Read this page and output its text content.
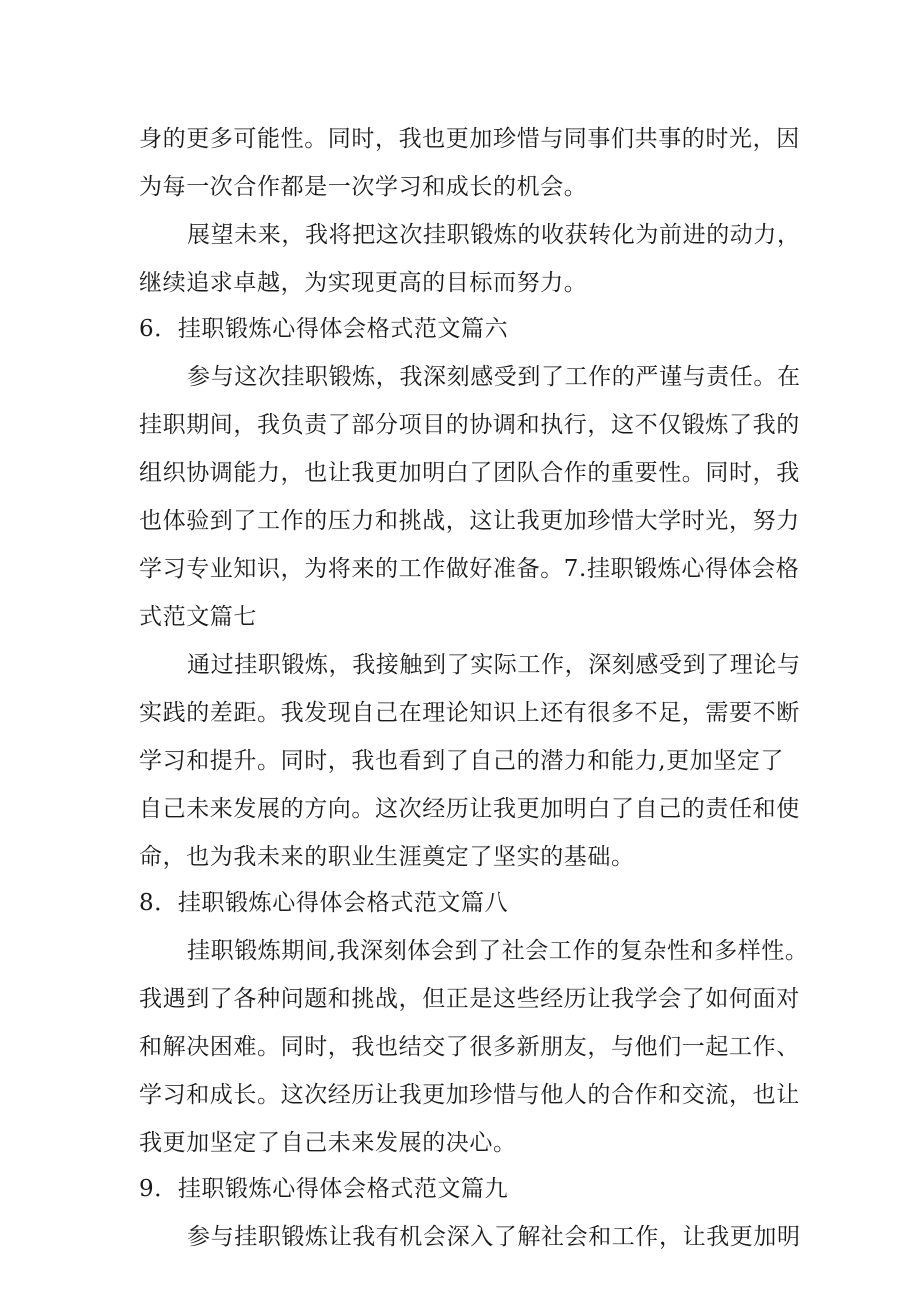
身的更多可能性。同时，我也更加珍惜与同事们共事的时光，因
为每一次合作都是一次学习和成长的机会。
展望未来，我将把这次挂职锻炼的收获转化为前进的动力，
继续追求卓越，为实现更高的目标而努力。
6．挂职锻炼心得体会格式范文篇六
参与这次挂职锻炼，我深刻感受到了工作的严谨与责任。在
挂职期间，我负责了部分项目的协调和执行，这不仅锻炼了我的
组织协调能力，也让我更加明白了团队合作的重要性。同时，我
也体验到了工作的压力和挑战，这让我更加珍惜大学时光，努力
学习专业知识，为将来的工作做好准备。7.挂职锻炼心得体会格
式范文篇七
通过挂职锻炼，我接触到了实际工作，深刻感受到了理论与
实践的差距。我发现自己在理论知识上还有很多不足，需要不断
学习和提升。同时，我也看到了自己的潜力和能力,更加坚定了
自己未来发展的方向。这次经历让我更加明白了自己的责任和使
命，也为我未来的职业生涯奠定了坚实的基础。
8．挂职锻炼心得体会格式范文篇八
挂职锻炼期间,我深刻体会到了社会工作的复杂性和多样性。
我遇到了各种问题和挑战，但正是这些经历让我学会了如何面对
和解决困难。同时，我也结交了很多新朋友，与他们一起工作、
学习和成长。这次经历让我更加珍惜与他人的合作和交流，也让
我更加坚定了自己未来发展的决心。
9．挂职锻炼心得体会格式范文篇九
参与挂职锻炼让我有机会深入了解社会和工作，让我更加明
